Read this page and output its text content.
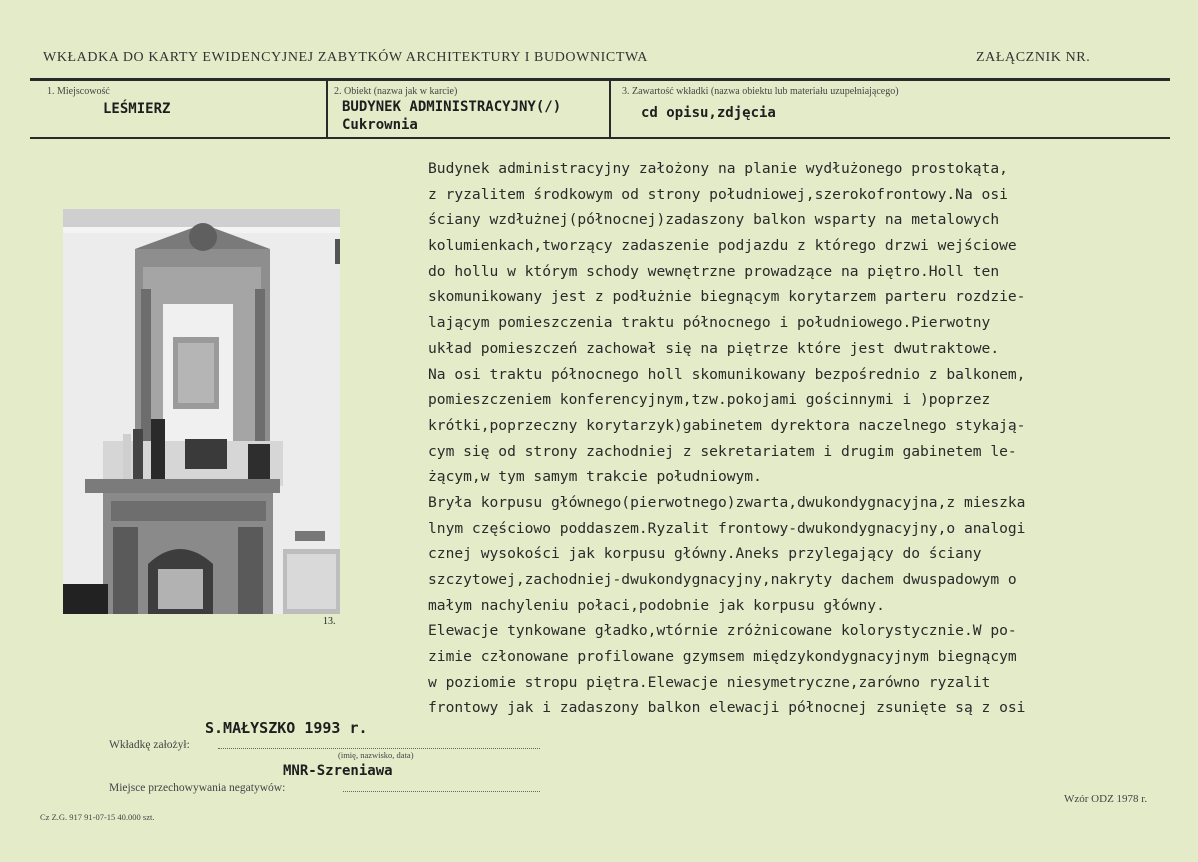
WKŁADKA DO KARTY EWIDENCYJNEJ ZABYTKÓW ARCHITEKTURY I BUDOWNICTWA	ZAŁĄCZNIK NR.
1. Miejscowość
LEŚMIERZ
2. Obiekt (nazwa jak w karcie)
BUDYNEK ADMINISTRACYJNY(/)
Cukrownia
3. Zawartość wkładki (nazwa obiektu lub materiału uzupełniającego)
cd opisu,zdjęcia
13.
Budynek administracyjny założony na planie wydłużonego prostokąta,
z ryzalitem środkowym od strony południowej,szerokofrontowy.Na osi
ściany wzdłużnej(północnej)zadaszony balkon wsparty na metalowych
kolumienkach,tworzący zadaszenie podjazdu z którego drzwi wejściowe
do hollu w którym schody wewnętrzne prowadzące na piętro.Holl ten
skomunikowany jest z podłużnie biegnącym korytarzem parteru rozdzie-
lającym pomieszczenia traktu północnego i południowego.Pierwotny
układ pomieszczeń zachował się na piętrze które jest dwutraktowe.
Na osi traktu północnego holl skomunikowany bezpośrednio z balkonem,
pomieszczeniem konferencyjnym,tzw.pokojami gościnnymi i )poprzez
krótki,poprzeczny korytarzyk)gabinetem dyrektora naczelnego stykają-
cym się od strony zachodniej z sekretariatem i drugim gabinetem le-
żącym,w tym samym trakcie południowym.
Bryła korpusu głównego(pierwotnego)zwarta,dwukondygnacyjna,z mieszka
lnym częściowo poddaszem.Ryzalit frontowy-dwukondygnacyjny,o analogi
cznej wysokości jak korpusu główny.Aneks przylegający do ściany
szczytowej,zachodniej-dwukondygnacyjny,nakryty dachem dwuspadowym o
małym nachyleniu połaci,podobnie jak korpusu główny.
Elewacje tynkowane gładko,wtórnie zróżnicowane kolorystycznie.W po-
zimie członowane profilowane gzymsem międzykondygnacyjnym biegnącym
w poziomie stropu piętra.Elewacje niesymetryczne,zarówno ryzalit
frontowy jak i zadaszony balkon elewacji północnej zsunięte są z osi
S.MAŁYSZKO 1993 r.
Wkładkę założył:
(imię, nazwisko, data)
MNR-Szreniawa
Miejsce przechowywania negatywów:
Cz Z.G. 917 91-07-15 40.000 szt.
Wzór ODZ 1978 r.
